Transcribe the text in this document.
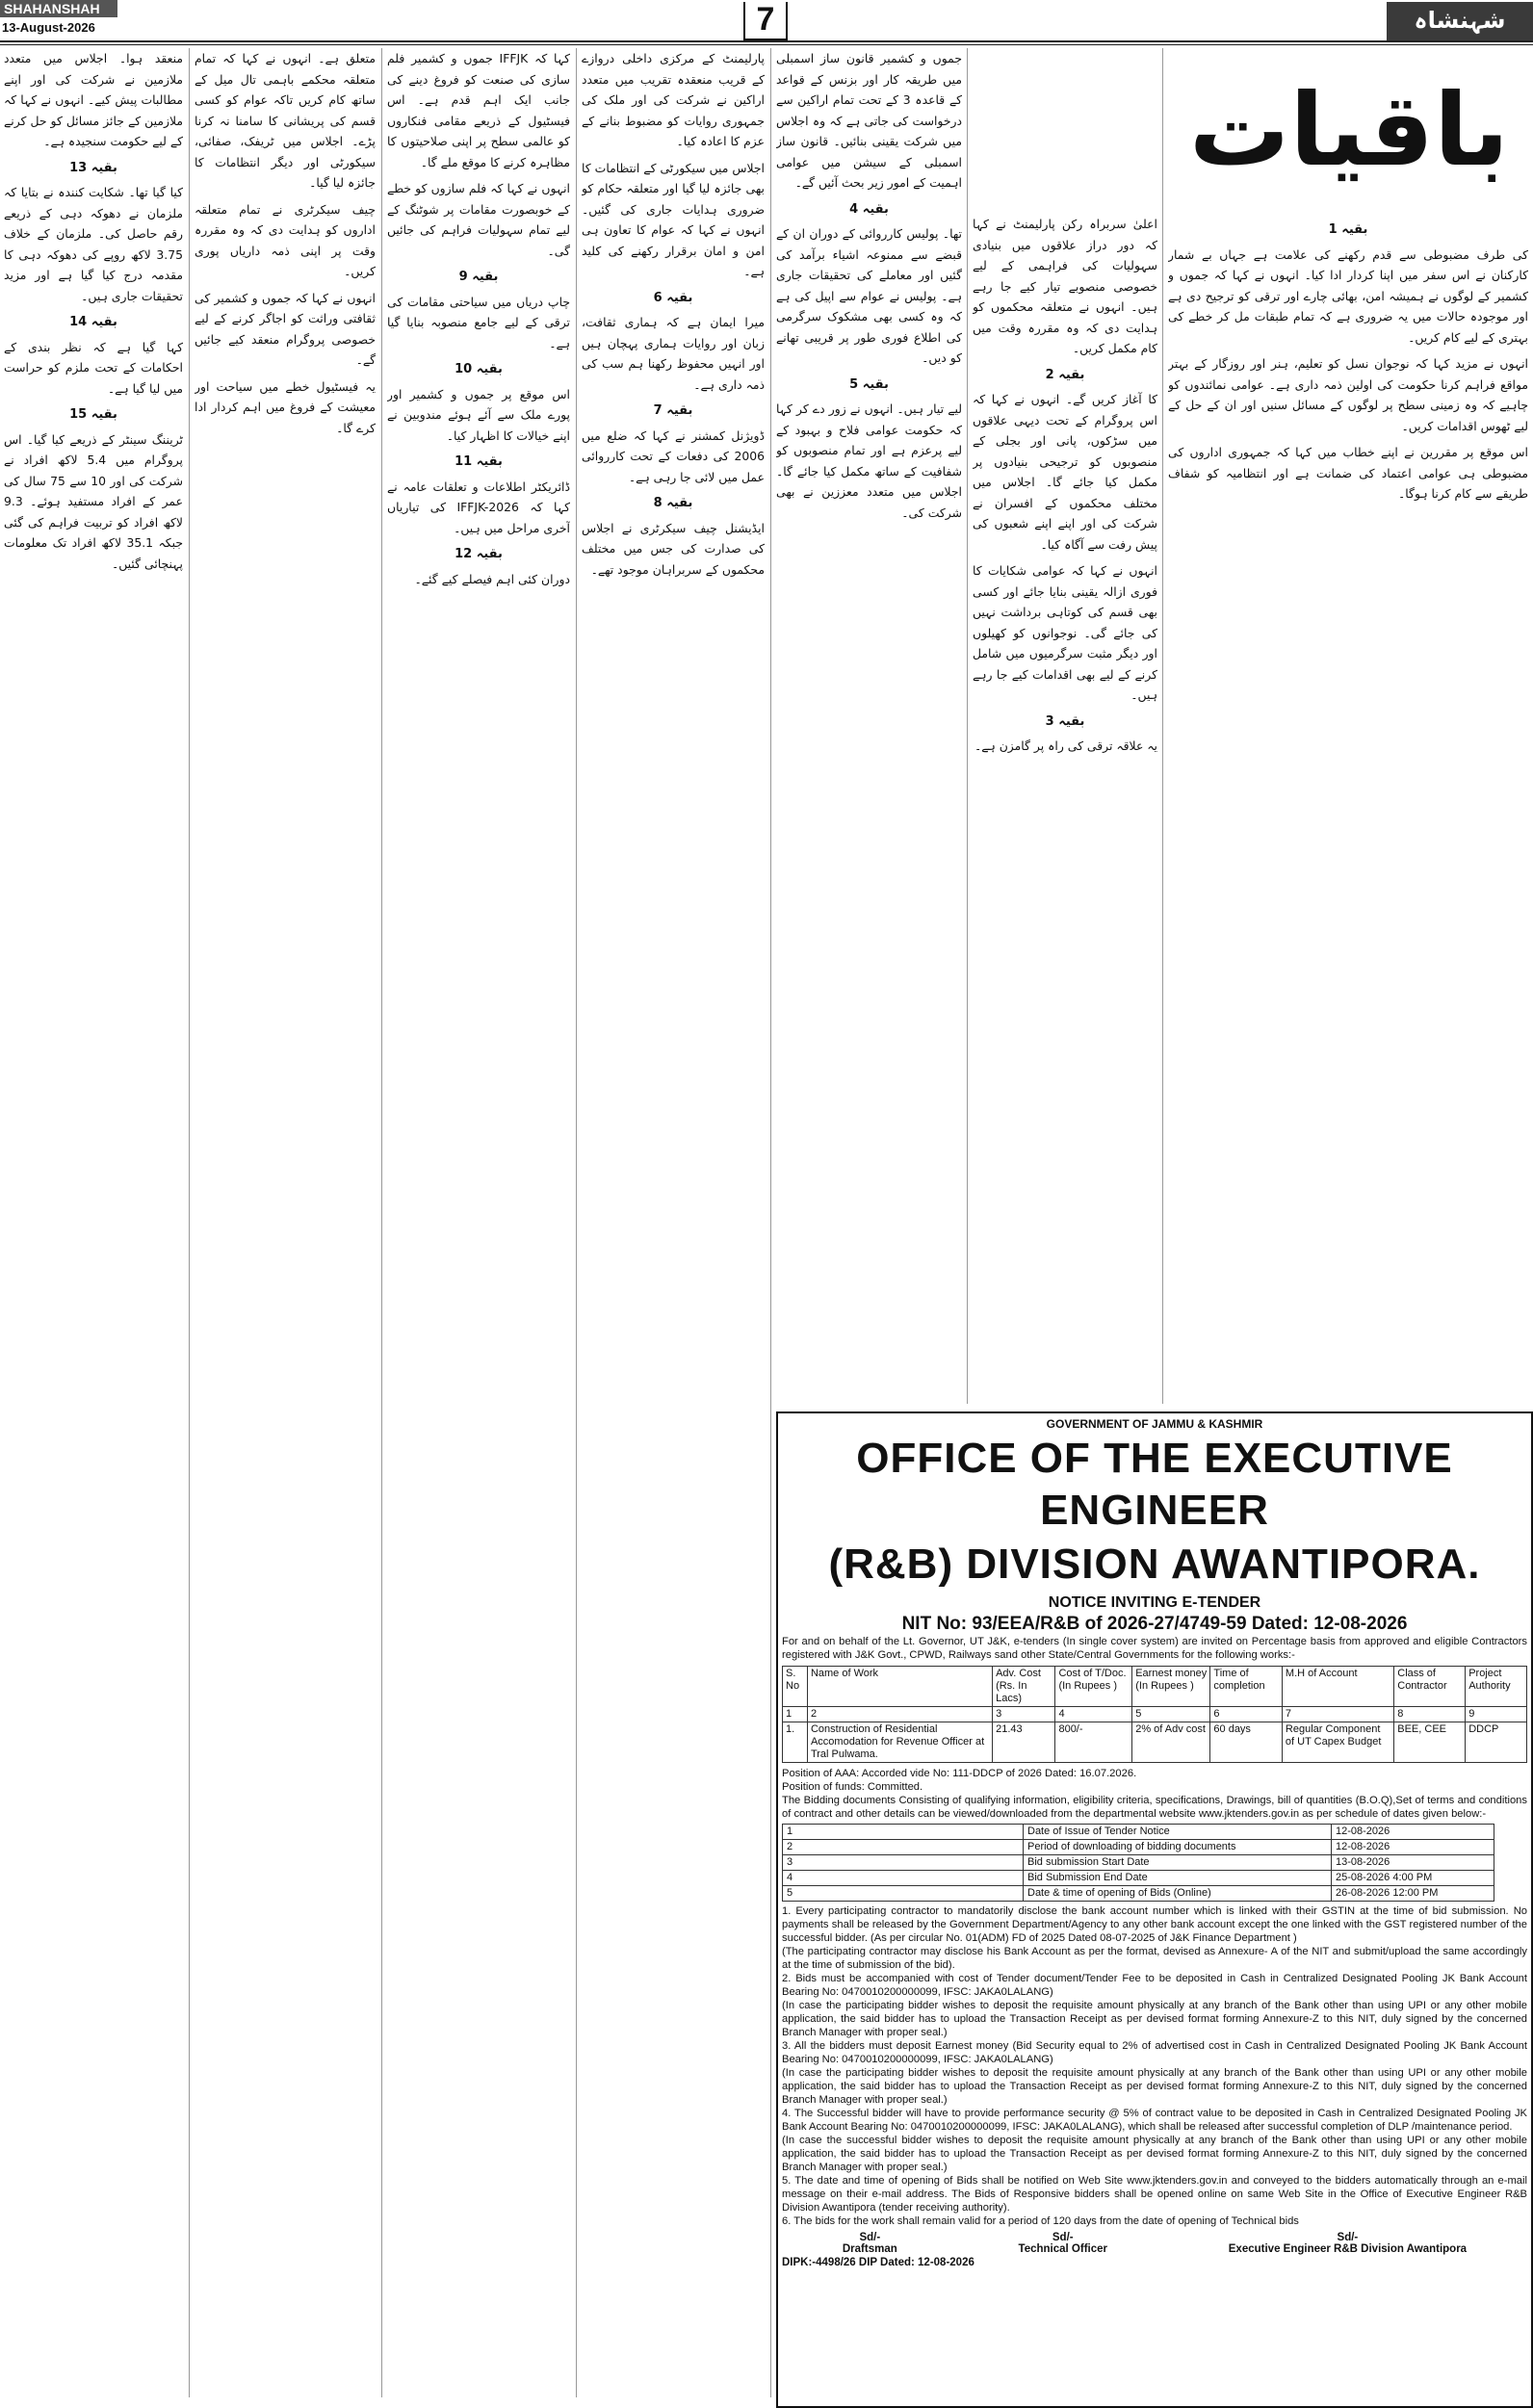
SHAHANSHAH
13-August-2026	7	شہنشاہ
باقیات
بقیہ 1

کی طرف مضبوطی سے قدم رکھنے کی علامت ہے جہاں بے شمار کارکنان نے اس سفر میں اپنا کردار ادا کیا۔ انہوں نے کہا کہ جموں و کشمیر کے لوگوں نے ہمیشہ امن، بھائی چارے اور ترقی کو ترجیح دی ہے اور موجودہ حالات میں یہ ضروری ہے کہ تمام طبقات مل کر خطے کی بہتری کے لیے کام کریں۔

انہوں نے مزید کہا کہ نوجوان نسل کو تعلیم، ہنر اور روزگار کے بہتر مواقع فراہم کرنا حکومت کی اولین ذمہ داری ہے۔ عوامی نمائندوں کو چاہیے کہ وہ زمینی سطح پر لوگوں کے مسائل سنیں اور ان کے حل کے لیے ٹھوس اقدامات کریں۔

اس موقع پر مقررین نے اپنے خطاب میں کہا کہ جمہوری اداروں کی مضبوطی ہی عوامی اعتماد کی ضمانت ہے اور انتظامیہ کو شفاف طریقے سے کام کرنا ہوگا۔

اعلیٰ سربراہ رکن پارلیمنٹ نے کہا کہ دور دراز علاقوں میں بنیادی سہولیات کی فراہمی کے لیے خصوصی منصوبے تیار کیے جا رہے ہیں۔ انہوں نے متعلقہ محکموں کو ہدایت دی کہ وہ مقررہ وقت میں کام مکمل کریں۔

بقیہ 2

کا آغاز کریں گے۔ انہوں نے کہا کہ اس پروگرام کے تحت دیہی علاقوں میں سڑکوں، پانی اور بجلی کے منصوبوں کو ترجیحی بنیادوں پر مکمل کیا جائے گا۔ اجلاس میں مختلف محکموں کے افسران نے شرکت کی اور اپنے اپنے شعبوں کی پیش رفت سے آگاہ کیا۔

انہوں نے کہا کہ عوامی شکایات کا فوری ازالہ یقینی بنایا جائے اور کسی بھی قسم کی کوتاہی برداشت نہیں کی جائے گی۔ نوجوانوں کو کھیلوں اور دیگر مثبت سرگرمیوں میں شامل کرنے کے لیے بھی اقدامات کیے جا رہے ہیں۔

بقیہ 3

یہ علاقہ ترقی کی راہ پر گامزن ہے۔

جموں و کشمیر قانون ساز اسمبلی میں طریقہ کار اور بزنس کے قواعد کے قاعدہ 3 کے تحت تمام اراکین سے درخواست کی جاتی ہے کہ وہ اجلاس میں شرکت یقینی بنائیں۔ قانون ساز اسمبلی کے سیشن میں عوامی اہمیت کے امور زیر بحث آئیں گے۔

بقیہ 4

تھا۔ پولیس کارروائی کے دوران ان کے قبضے سے ممنوعہ اشیاء برآمد کی گئیں اور معاملے کی تحقیقات جاری ہے۔ پولیس نے عوام سے اپیل کی ہے کہ وہ کسی بھی مشکوک سرگرمی کی اطلاع فوری طور پر قریبی تھانے کو دیں۔

بقیہ 5

لیے تیار ہیں۔ انہوں نے زور دے کر کہا کہ حکومت عوامی فلاح و بہبود کے لیے پرعزم ہے اور تمام منصوبوں کو شفافیت کے ساتھ مکمل کیا جائے گا۔ اجلاس میں متعدد معززین نے بھی شرکت کی۔

پارلیمنٹ کے مرکزی داخلی دروازے کے قریب منعقدہ تقریب میں متعدد اراکین نے شرکت کی اور ملک کی جمہوری روایات کو مضبوط بنانے کے عزم کا اعادہ کیا۔

اجلاس میں سیکورٹی کے انتظامات کا بھی جائزہ لیا گیا اور متعلقہ حکام کو ضروری ہدایات جاری کی گئیں۔ انہوں نے کہا کہ عوام کا تعاون ہی امن و امان برقرار رکھنے کی کلید ہے۔

بقیہ 6

میرا ایمان ہے کہ ہماری ثقافت، زبان اور روایات ہماری پہچان ہیں اور انہیں محفوظ رکھنا ہم سب کی ذمہ داری ہے۔

بقیہ 7

ڈویژنل کمشنر نے کہا کہ ضلع میں 2006 کی دفعات کے تحت کارروائی عمل میں لائی جا رہی ہے۔

بقیہ 8

ایڈیشنل چیف سیکرٹری نے اجلاس کی صدارت کی جس میں مختلف محکموں کے سربراہان موجود تھے۔

کہا کہ IFFJK جموں و کشمیر فلم سازی کی صنعت کو فروغ دینے کی جانب ایک اہم قدم ہے۔ اس فیسٹیول کے ذریعے مقامی فنکاروں کو عالمی سطح پر اپنی صلاحیتوں کا مظاہرہ کرنے کا موقع ملے گا۔

انہوں نے کہا کہ فلم سازوں کو خطے کے خوبصورت مقامات پر شوٹنگ کے لیے تمام سہولیات فراہم کی جائیں گی۔

بقیہ 9

چاپ دریاں میں سیاحتی مقامات کی ترقی کے لیے جامع منصوبہ بنایا گیا ہے۔

بقیہ 10

اس موقع پر جموں و کشمیر اور پورے ملک سے آئے ہوئے مندوبین نے اپنے خیالات کا اظہار کیا۔

بقیہ 11

ڈائریکٹر اطلاعات و تعلقات عامہ نے کہا کہ IFFJK-2026 کی تیاریاں آخری مراحل میں ہیں۔

بقیہ 12

دوران کئی اہم فیصلے کیے گئے۔

متعلق ہے۔ انہوں نے کہا کہ تمام متعلقہ محکمے باہمی تال میل کے ساتھ کام کریں تاکہ عوام کو کسی قسم کی پریشانی کا سامنا نہ کرنا پڑے۔ اجلاس میں ٹریفک، صفائی، سیکورٹی اور دیگر انتظامات کا جائزہ لیا گیا۔

چیف سیکرٹری نے تمام متعلقہ اداروں کو ہدایت دی کہ وہ مقررہ وقت پر اپنی ذمہ داریاں پوری کریں۔

انہوں نے کہا کہ جموں و کشمیر کی ثقافتی وراثت کو اجاگر کرنے کے لیے خصوصی پروگرام منعقد کیے جائیں گے۔

یہ فیسٹیول خطے میں سیاحت اور معیشت کے فروغ میں اہم کردار ادا کرے گا۔

منعقد ہوا۔ اجلاس میں متعدد ملازمین نے شرکت کی اور اپنے مطالبات پیش کیے۔ انہوں نے کہا کہ ملازمین کے جائز مسائل کو حل کرنے کے لیے حکومت سنجیدہ ہے۔

بقیہ 13

کیا گیا تھا۔ شکایت کنندہ نے بتایا کہ ملزمان نے دھوکہ دہی کے ذریعے رقم حاصل کی۔ ملزمان کے خلاف 3.75 لاکھ روپے کی دھوکہ دہی کا مقدمہ درج کیا گیا ہے اور مزید تحقیقات جاری ہیں۔

بقیہ 14

کہا گیا ہے کہ نظر بندی کے احکامات کے تحت ملزم کو حراست میں لیا گیا ہے۔

بقیہ 15

ٹریننگ سینٹر کے ذریعے کیا گیا۔ اس پروگرام میں 5.4 لاکھ افراد نے شرکت کی اور 10 سے 75 سال کی عمر کے افراد مستفید ہوئے۔ 9.3 لاکھ افراد کو تربیت فراہم کی گئی جبکہ 35.1 لاکھ افراد تک معلومات پہنچائی گئیں۔

GOVERNMENT OF JAMMU & KASHMIR
OFFICE OF THE EXECUTIVE ENGINEER
(R&B) DIVISION AWANTIPORA.
NOTICE INVITING E-TENDER
NIT No: 93/EEA/R&B of 2026-27/4749-59 Dated: 12-08-2026
For and on behalf of the Lt. Governor, UT J&K, e-tenders (In single cover system) are invited on Percentage basis from approved and eligible Contractors registered with J&K Govt., CPWD, Railways sand other State/Central Governments for the following works:-
S. No	Name of Work	Adv. Cost (Rs. In Lacs)	Cost of T/Doc. (In Rupees )	Earnest money (In Rupees )	Time of completion	M.H of Account	Class of Contractor	Project Authority
1	2	3	4	5	6	7	8	9
1.	Construction of Residential Accomodation for Revenue Officer at Tral Pulwama.	21.43	800/-	2% of Adv cost	60 days	Regular Component of UT Capex Budget	BEE, CEE	DDCP
Position of AAA: Accorded vide No: 111-DDCP of 2026 Dated: 16.07.2026.
Position of funds: Committed.
The Bidding documents Consisting of qualifying information, eligibility criteria, specifications, Drawings, bill of quantities (B.O.Q),Set of terms and conditions of contract and other details can be viewed/downloaded from the departmental website www.jktenders.gov.in as per schedule of dates given below:-
1	Date of Issue of Tender Notice	12-08-2026
2	Period of downloading of bidding documents	12-08-2026
3	Bid submission Start Date	13-08-2026
4	Bid Submission End Date	25-08-2026 4:00 PM
5	Date & time of opening of Bids (Online)	26-08-2026 12:00 PM
1. Every participating contractor to mandatorily disclose the bank account number which is linked with their GSTIN at the time of bid submission. No payments shall be released by the Government Department/Agency to any other bank account except the one linked with the GST registered number of the successful bidder. (As per circular No. 01(ADM) FD of 2025 Dated 08-07-2025 of J&K Finance Department )
(The participating contractor may disclose his Bank Account as per the format, devised as Annexure- A of the NIT and submit/upload the same accordingly at the time of submission of the bid).
2. Bids must be accompanied with cost of Tender document/Tender Fee to be deposited in Cash in Centralized Designated Pooling JK Bank Account Bearing No: 0470010200000099, IFSC: JAKA0LALANG)
(In case the participating bidder wishes to deposit the requisite amount physically at any branch of the Bank other than using UPI or any other mobile application, the said bidder has to upload the Transaction Receipt as per devised format forming Annexure-Z to this NIT, duly signed by the concerned Branch Manager with proper seal.)
3. All the bidders must deposit Earnest money (Bid Security equal to 2% of advertised cost in Cash in Centralized Designated Pooling JK Bank Account Bearing No: 0470010200000099, IFSC: JAKA0LALANG)
(In case the participating bidder wishes to deposit the requisite amount physically at any branch of the Bank other than using UPI or any other mobile application, the said bidder has to upload the Transaction Receipt as per devised format forming Annexure-Z to this NIT, duly signed by the concerned Branch Manager with proper seal.)
4. The Successful bidder will have to provide performance security @ 5% of contract value to be deposited in Cash in Centralized Designated Pooling JK Bank Account Bearing No: 0470010200000099, IFSC: JAKA0LALANG), which shall be released after successful completion of DLP /maintenance period.
(In case the successful bidder wishes to deposit the requisite amount physically at any branch of the Bank other than using UPI or any other mobile application, the said bidder has to upload the Transaction Receipt as per devised format forming Annexure-Z to this NIT, duly signed by the concerned Branch Manager with proper seal.)
5. The date and time of opening of Bids shall be notified on Web Site www.jktenders.gov.in and conveyed to the bidders automatically through an e-mail message on their e-mail address. The Bids of Responsive bidders shall be opened online on same Web Site in the Office of Executive Engineer R&B Division Awantipora (tender receiving authority).
6. The bids for the work shall remain valid for a period of 120 days from the date of opening of Technical bids
Sd/-
Draftsman
Sd/-
Technical Officer
Sd/-
Executive Engineer R&B Division Awantipora
DIPK:-4498/26 DIP Dated: 12-08-2026
